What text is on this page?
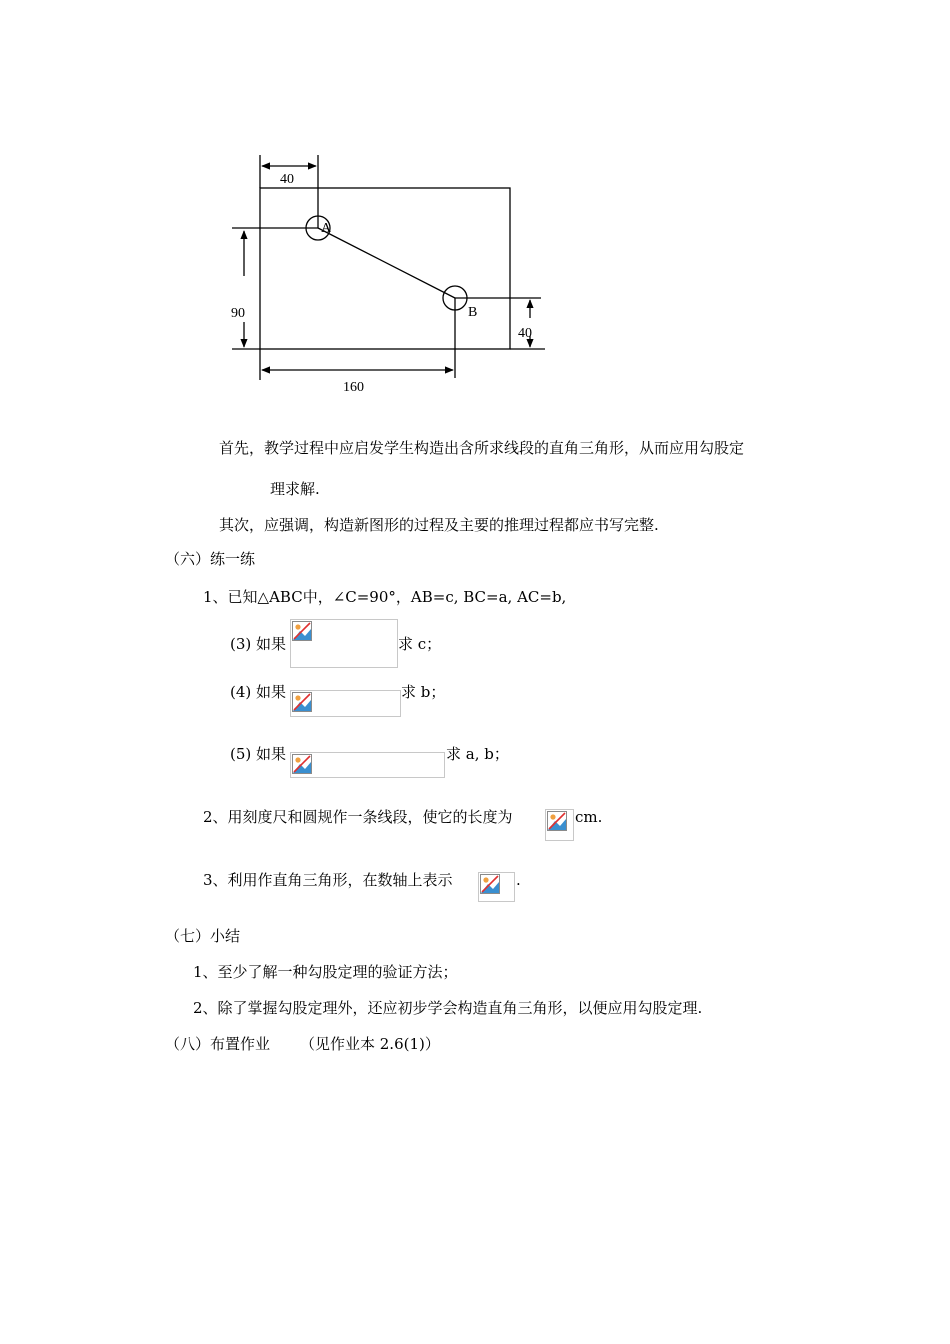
40
A
B
90
40
160
首先，教学过程中应启发学生构造出含所求线段的直角三角形，从而应用勾股定
理求解.
其次，应强调，构造新图形的过程及主要的推理过程都应书写完整.
（六）练一练
1、已知△ABC中，∠C=90°，AB=c, BC=a, AC=b,
(3) 如果	求 c；
(4) 如果	求 b；
(5) 如果	求 a, b；
2、用刻度尺和圆规作一条线段，使它的长度为	cm.
3、利用作直角三角形，在数轴上表示	.
（七）小结
1、至少了解一种勾股定理的验证方法；
2、除了掌握勾股定理外，还应初步学会构造直角三角形，以便应用勾股定理.
（八）布置作业 （见作业本 2.6(1)）
